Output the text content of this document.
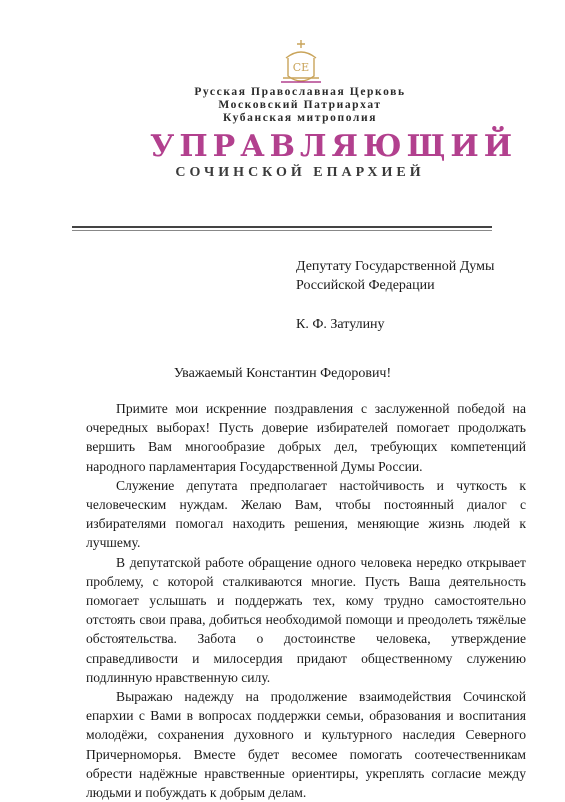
СЕ
Русская Православная Церковь
Московский Патриархат
Кубанская митрополия
УПРАВЛЯЮЩИЙ
СОЧИНСКОЙ ЕПАРХИЕЙ
Депутату Государственной Думы
Российской Федерации
К. Ф. Затулину
Уважаемый Константин Федорович!

Примите мои искренние поздравления с заслуженной победой на очередных выборах! Пусть доверие избирателей помогает продолжать вершить Вам многообразие добрых дел, требующих компетенций народного парламентария Государственной Думы России.

Служение депутата предполагает настойчивость и чуткость к человеческим нуждам. Желаю Вам, чтобы постоянный диалог с избирателями помогал находить решения, меняющие жизнь людей к лучшему.

В депутатской работе обращение одного человека нередко открывает проблему, с которой сталкиваются многие. Пусть Ваша деятельность помогает услышать и поддержать тех, кому трудно самостоятельно отстоять свои права, добиться необходимой помощи и преодолеть тяжёлые обстоятельства. Забота о достоинстве человека, утверждение справедливости и милосердия придают общественному служению подлинную нравственную силу.

Выражаю надежду на продолжение взаимодействия Сочинской епархии с Вами в вопросах поддержки семьи, образования и воспитания молодёжи, сохранения духовного и культурного наследия Северного Причерноморья. Вместе будет весомее помогать соотечественникам обрести надёжные нравственные ориентиры, укреплять согласие между людьми и побуждать к добрым делам.
